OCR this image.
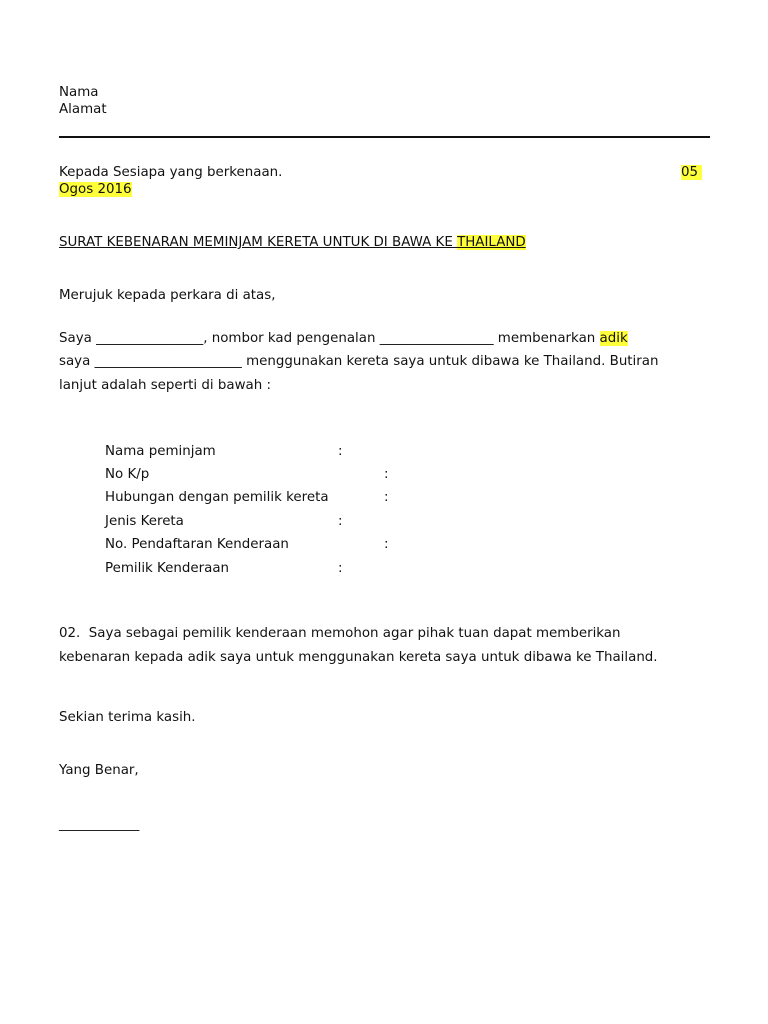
Nama
Alamat
Kepada Sesiapa yang berkenaan.	05
Ogos 2016
SURAT KEBENARAN MEMINJAM KERETA UNTUK DI BAWA KE THAILAND
Merujuk kepada perkara di atas,
Saya ________________, nombor kad pengenalan _________________ membenarkan adik
saya ______________________ menggunakan kereta saya untuk dibawa ke Thailand. Butiran
lanjut adalah seperti di bawah :
Nama peminjam	:
No K/p	:
Hubungan dengan pemilik kereta	:
Jenis Kereta	:
No. Pendaftaran Kenderaan	:
Pemilik Kenderaan	:
02.  Saya sebagai pemilik kenderaan memohon agar pihak tuan dapat memberikan
kebenaran kepada adik saya untuk menggunakan kereta saya untuk dibawa ke Thailand.
Sekian terima kasih.
Yang Benar,
____________
